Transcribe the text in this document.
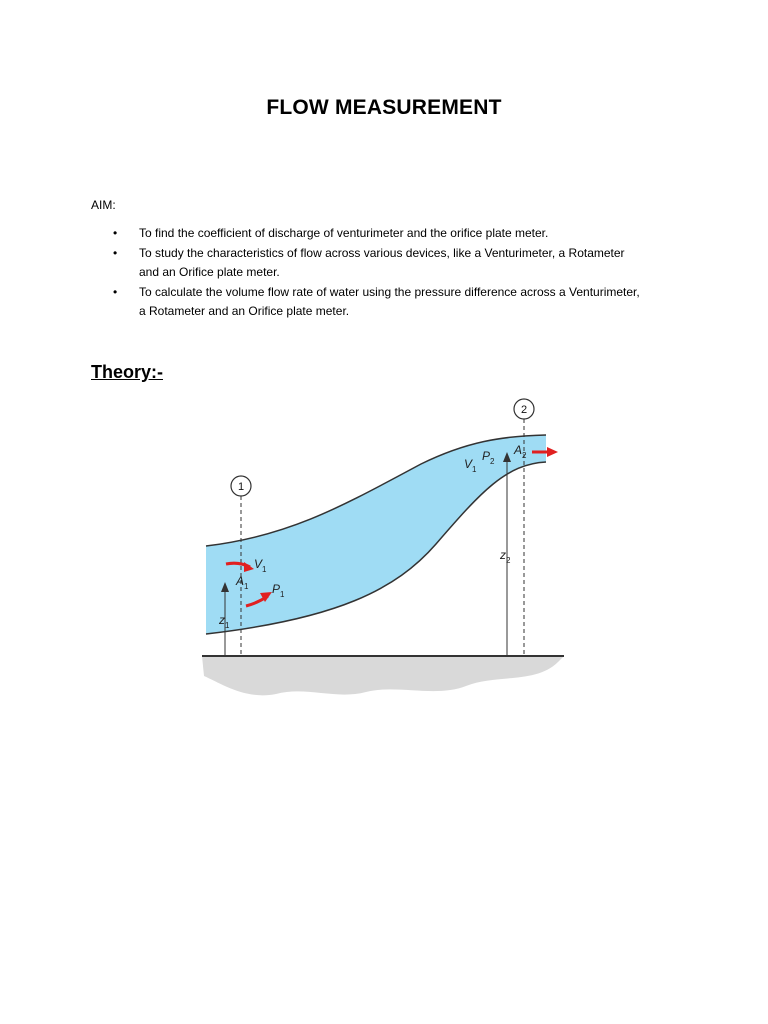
FLOW MEASUREMENT
AIM:
• To find the coefficient of discharge of venturimeter and the orifice plate meter.
• To study the characteristics of flow across various devices, like a Venturimeter, a Rotameter
and an Orifice plate meter.
• To calculate the volume flow rate of water using the pressure difference across a Venturimeter,
a Rotameter and an Orifice plate meter.
Theory:-
1
2
$z_1$
$z_2$
$V_1$
$A_1$ $P_1$
$V_1$
$P_2$
$A_2$
